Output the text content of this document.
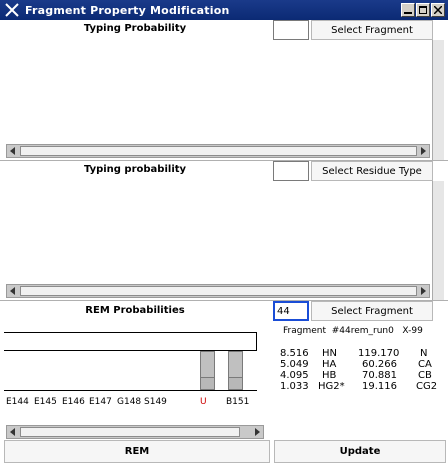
Fragment Property Modification
Typing Probability	Select Fragment
Typing probability	Select Residue Type
REM Probabilities	44	Select Fragment
E144 E145 E146 E147 G148 S149	U B151
Fragment  #44rem_run0   X-99
8.516 HN 119.170 N
5.049 HA	60.266 CA
4.095 HB	70.881 CB
1.033 HG2* 19.116 CG2
REM	Update
